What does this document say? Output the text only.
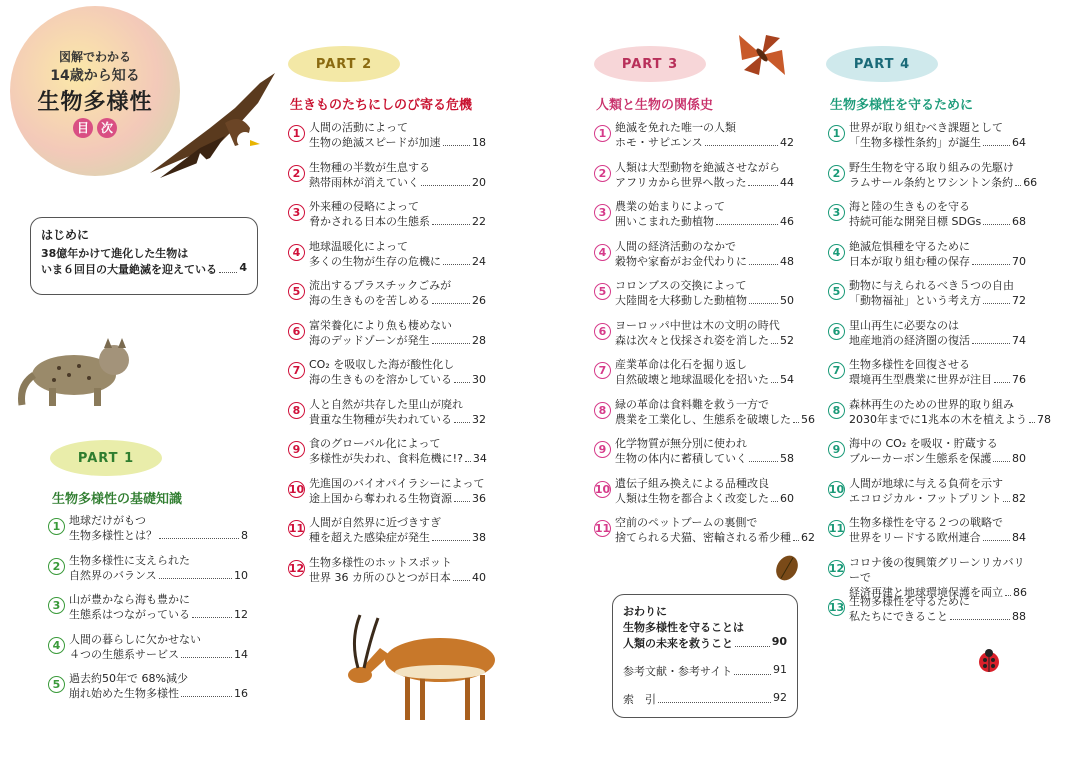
図解でわかる
14歳から知る
生物多様性
目 次
はじめに
38億年かけて進化した生物は
いま６回目の大量絶滅を迎えている 4
PART 1
生物多様性の基礎知識
1 地球だけがもつ
生物多様性とは？	8
2 生物多様性に支えられた
自然界のバランス	10
3 山が豊かなら海も豊かに
生態系はつながっている	12
4 人間の暮らしに欠かせない
４つの生態系サービス	14
5 過去約50年で 68%減少
崩れ始めた生物多様性	16
PART 2
生きものたちにしのび寄る危機
1 人間の活動によって
生物の絶滅スピードが加速	18
2 生物種の半数が生息する
熱帯雨林が消えていく	20
3 外来種の侵略によって
脅かされる日本の生態系	22
4 地球温暖化によって
多くの生物が生存の危機に	24
5 流出するプラスチックごみが
海の生きものを苦しめる	26
6 富栄養化により魚も棲めない
海のデッドゾーンが発生	28
7 CO₂ を吸収した海が酸性化し
海の生きものを溶かしている 30
8 人と自然が共存した里山が廃れ
貴重な生物種が失われている 32
9 食のグローバル化によって
多様性が失われ、食料危機に!? 34
10 先進国のバイオパイラシーによって
途上国から奪われる生物資源 36
11 人間が自然界に近づきすぎ
種を超えた感染症が発生	38
12 生物多様性のホットスポット
世界 36 カ所のひとつが日本 40
PART 3
人類と生物の関係史
1 絶滅を免れた唯一の人類
ホモ・サピエンス	42
2 人類は大型動物を絶滅させながら
アフリカから世界へ散った	44
3 農業の始まりによって
囲いこまれた動植物	46
4 人間の経済活動のなかで
穀物や家畜がお金代わりに	48
5 コロンブスの交換によって
大陸間を大移動した動植物	50
6 ヨーロッパ中世は木の文明の時代
森は次々と伐採され姿を消した 52
7 産業革命は化石を掘り返し
自然破壊と地球温暖化を招いた 54
8 緑の革命は食料難を救う一方で
農業を工業化し、生態系を破壊した 56
9 化学物質が無分別に使われ
生物の体内に蓄積していく	58
10 遺伝子組み換えによる品種改良
人類は生物を都合よく改変した 60
11 空前のペットブームの裏側で
捨てられる犬猫、密輸される希少種 62
おわりに
生物多様性を守ることは
人類の未来を救うこと	90
参考文献・参考サイト	91
索　引	92
PART 4
生物多様性を守るために
1 世界が取り組むべき課題として
「生物多様性条約」が誕生	64
2 野生生物を守る取り組みの先駆け
ラムサール条約とワシントン条約 66
3 海と陸の生きものを守る
持続可能な開発目標 SDGs	68
4 絶滅危惧種を守るために
日本が取り組む種の保存	70
5 動物に与えられるべき５つの自由
「動物福祉」という考え方	72
6 里山再生に必要なのは
地産地消の経済圏の復活	74
7 生物多様性を回復させる
環境再生型農業に世界が注目 76
8 森林再生のための世界的取り組み
2030年までに1兆本の木を植えよう 78
9 海中の CO₂ を吸収・貯蔵する
ブルーカーボン生態系を保護 80
10 人間が地球に与える負荷を示す
エコロジカル・フットプリント 82
11 生物多様性を守る２つの戦略で
世界をリードする欧州連合	84
12 コロナ後の復興策グリーンリカバリーで
経済再建と地球環境保護を両立 86
13 生物多様性を守るために
私たちにできること	88
